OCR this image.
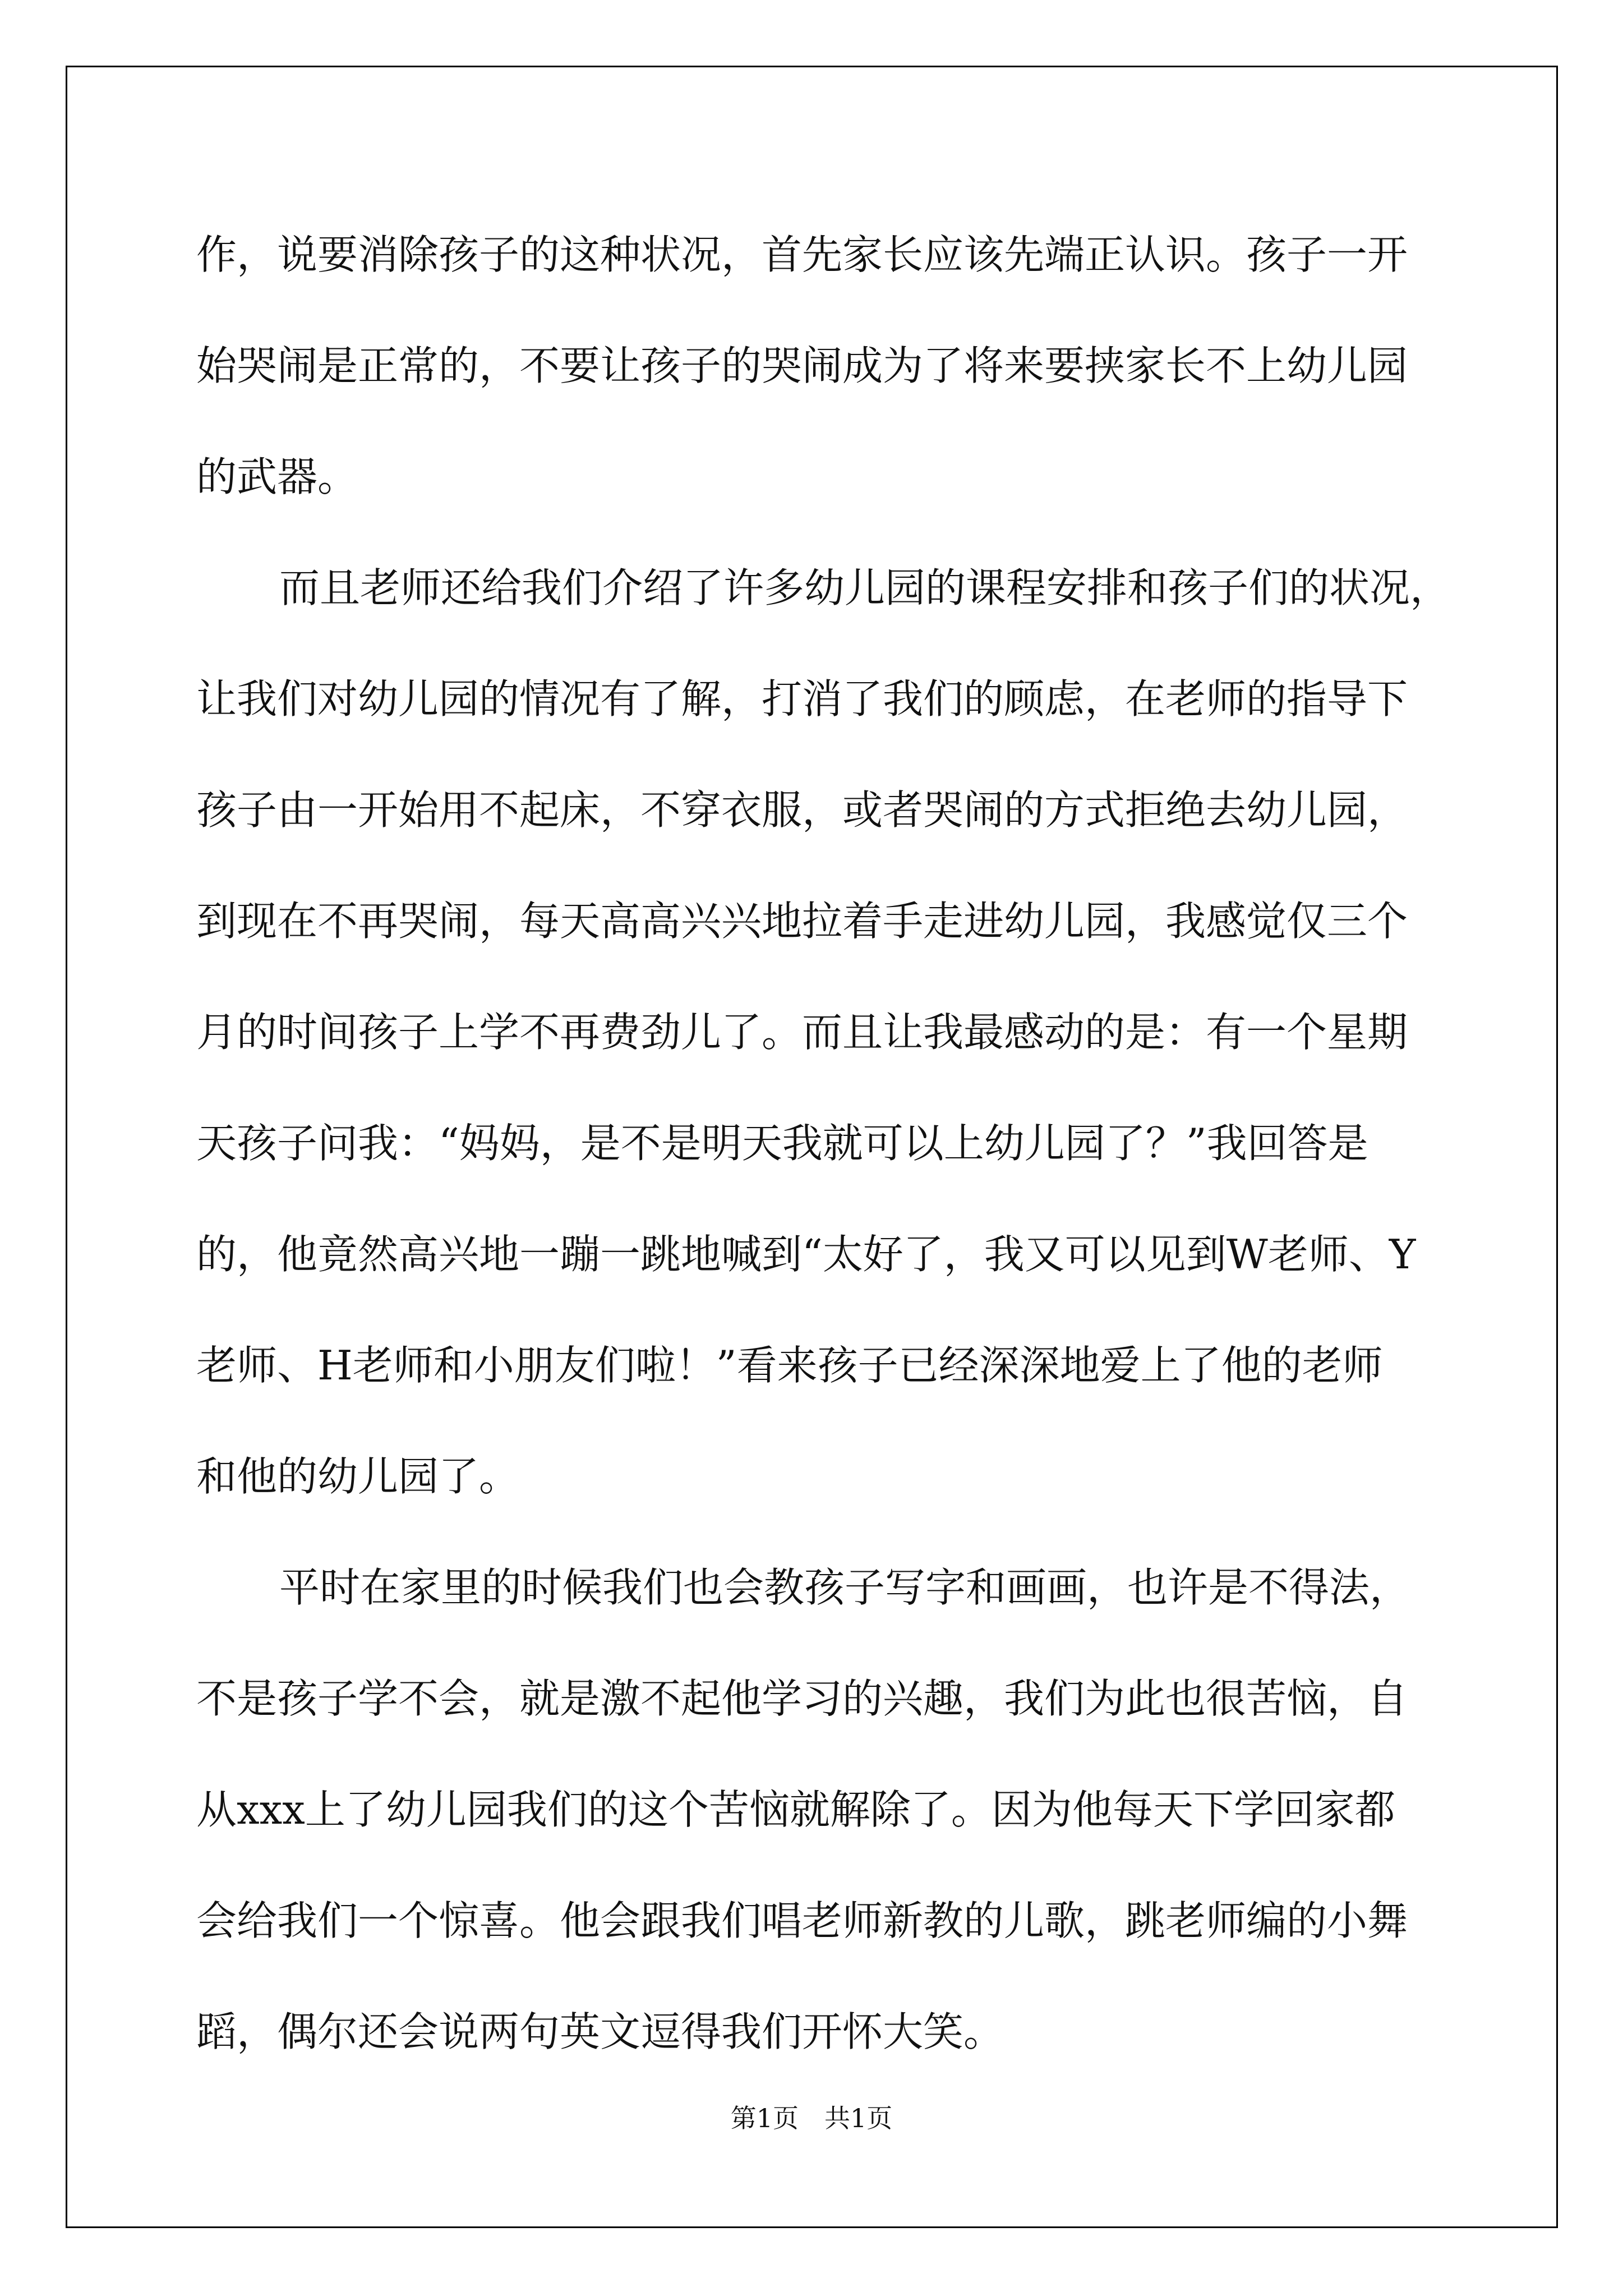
作，说要消除孩子的这种状况，首先家长应该先端正认识。孩子一开
始哭闹是正常的，不要让孩子的哭闹成为了将来要挟家长不上幼儿园
的武器。
而且老师还给我们介绍了许多幼儿园的课程安排和孩子们的状况，
让我们对幼儿园的情况有了解，打消了我们的顾虑，在老师的指导下
孩子由一开始用不起床，不穿衣服，或者哭闹的方式拒绝去幼儿园，
到现在不再哭闹，每天高高兴兴地拉着手走进幼儿园，我感觉仅三个
月的时间孩子上学不再费劲儿了。而且让我最感动的是：有一个星期
天孩子问我：“妈妈，是不是明天我就可以上幼儿园了？”我回答是
的，他竟然高兴地一蹦一跳地喊到“太好了，我又可以见到W老师、Y
老师、H老师和小朋友们啦！”看来孩子已经深深地爱上了他的老师
和他的幼儿园了。
平时在家里的时候我们也会教孩子写字和画画，也许是不得法，
不是孩子学不会，就是激不起他学习的兴趣，我们为此也很苦恼，自
从xxx上了幼儿园我们的这个苦恼就解除了。因为他每天下学回家都
会给我们一个惊喜。他会跟我们唱老师新教的儿歌，跳老师编的小舞
蹈，偶尔还会说两句英文逗得我们开怀大笑。
第1页　共1页
